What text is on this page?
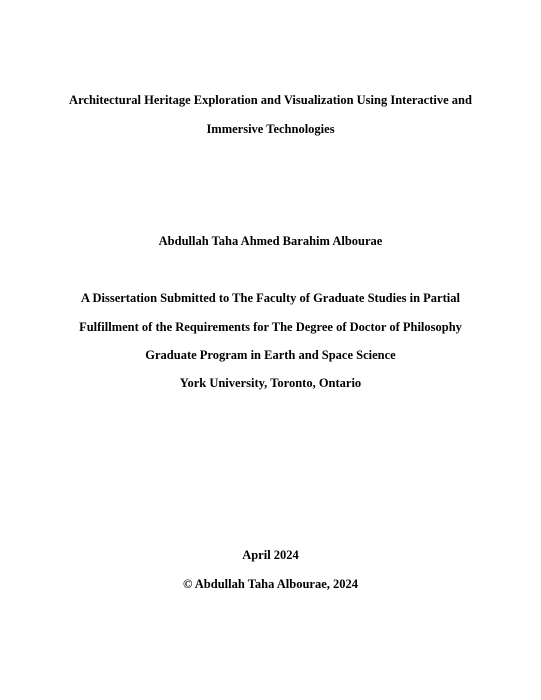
Architectural Heritage Exploration and Visualization Using Interactive and
Immersive Technologies
Abdullah Taha Ahmed Barahim Albourae
A Dissertation Submitted to The Faculty of Graduate Studies in Partial
Fulfillment of the Requirements for The Degree of Doctor of Philosophy
Graduate Program in Earth and Space Science
York University, Toronto, Ontario
April 2024
© Abdullah Taha Albourae, 2024
